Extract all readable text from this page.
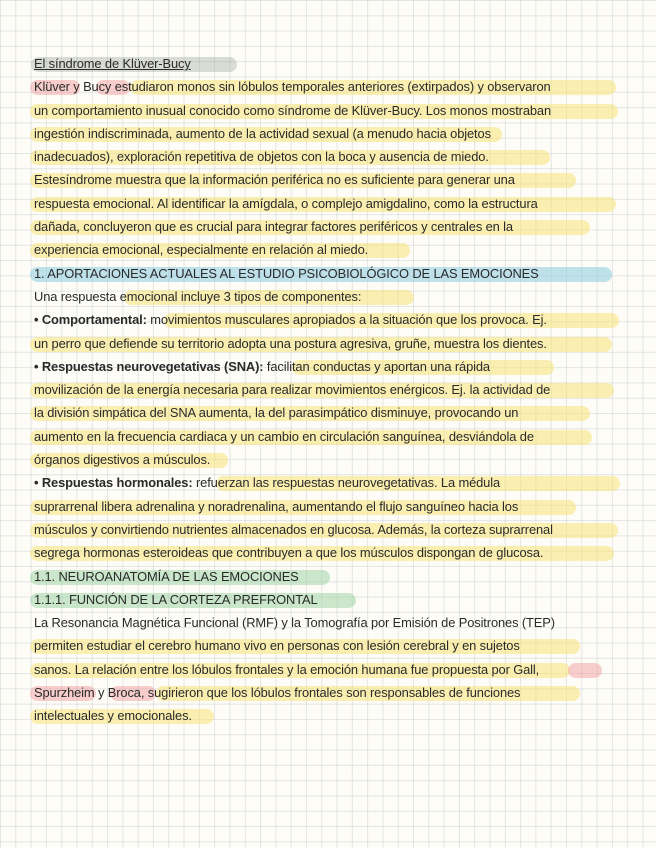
El síndrome de Klüver-Bucy
Klüver y Bucy estudiaron monos sin lóbulos temporales anteriores (extirpados) y observaron
un comportamiento inusual conocido como síndrome de Klüver-Bucy. Los monos mostraban
ingestión indiscriminada, aumento de la actividad sexual (a menudo hacia objetos
inadecuados), exploración repetitiva de objetos con la boca y ausencia de miedo.
Estesíndrome muestra que la información periférica no es suficiente para generar una
respuesta emocional. Al identificar la amígdala, o complejo amigdalino, como la estructura
dañada, concluyeron que es crucial para integrar factores periféricos y centrales en la
experiencia emocional, especialmente en relación al miedo.
1. APORTACIONES ACTUALES AL ESTUDIO PSICOBIOLÓGICO DE LAS EMOCIONES
Una respuesta emocional incluye 3 tipos de componentes:
• Comportamental: movimientos musculares apropiados a la situación que los provoca. Ej.
un perro que defiende su territorio adopta una postura agresiva, gruñe, muestra los dientes.
• Respuestas neurovegetativas (SNA): facilitan conductas y aportan una rápida
movilización de la energía necesaria para realizar movimientos enérgicos. Ej. la actividad de
la división simpática del SNA aumenta, la del parasimpático disminuye, provocando un
aumento en la frecuencia cardiaca y un cambio en circulación sanguínea, desviándola de
órganos digestivos a músculos.
• Respuestas hormonales: refuerzan las respuestas neurovegetativas. La médula
suprarrenal libera adrenalina y noradrenalina, aumentando el flujo sanguíneo hacia los
músculos y convirtiendo nutrientes almacenados en glucosa. Además, la corteza suprarrenal
segrega hormonas esteroideas que contribuyen a que los músculos dispongan de glucosa.
1.1. NEUROANATOMÍA DE LAS EMOCIONES
1.1.1. FUNCIÓN DE LA CORTEZA PREFRONTAL
La Resonancia Magnética Funcional (RMF) y la Tomografía por Emisión de Positrones (TEP)
permiten estudiar el cerebro humano vivo en personas con lesión cerebral y en sujetos
sanos. La relación entre los lóbulos frontales y la emoción humana fue propuesta por Gall,
Spurzheim y Broca, sugirieron que los lóbulos frontales son responsables de funciones
intelectuales y emocionales.
